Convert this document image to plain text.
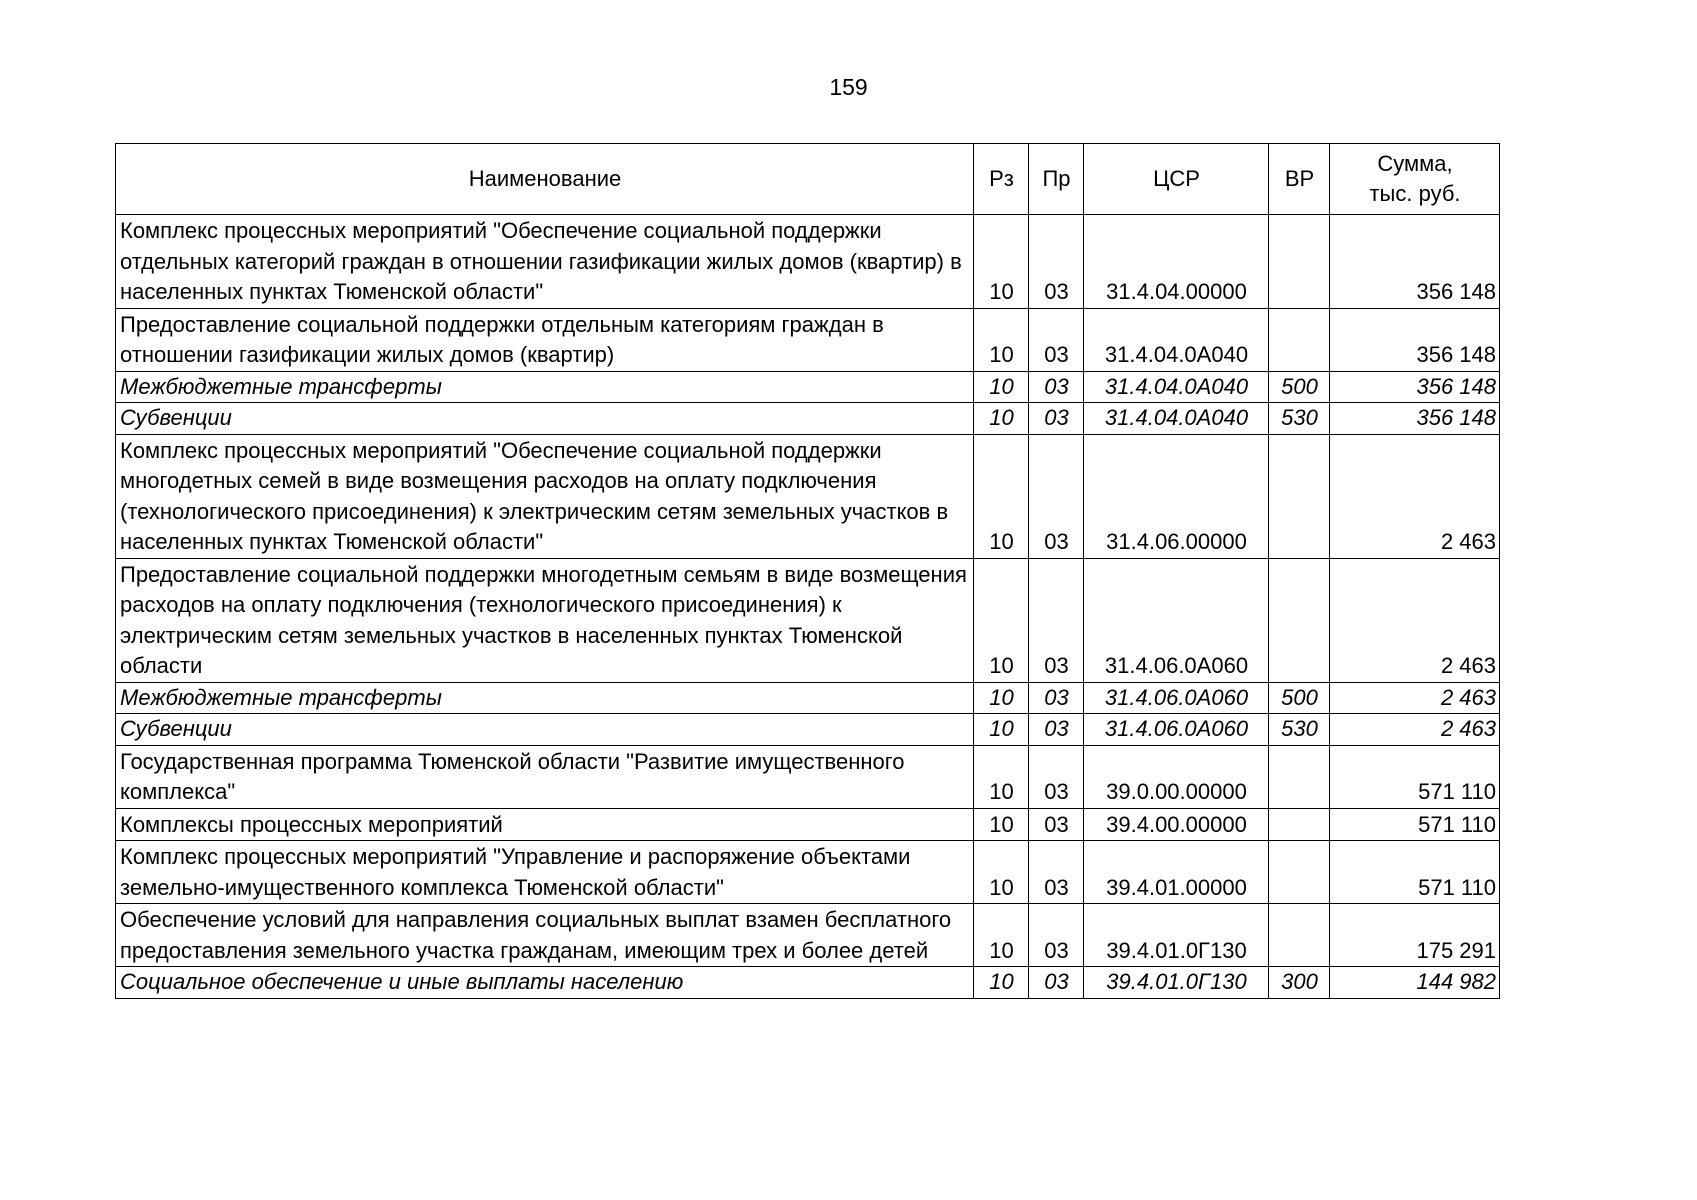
159
Наименование	Рз	Пр	ЦСР	ВР	Сумма,
тыс. руб.
Комплекс процессных мероприятий "Обеспечение социальной поддержки отдельных категорий граждан в отношении газификации жилых домов (квартир) в населенных пунктах Тюменской области"	10	03	31.4.04.00000		356 148
Предоставление социальной поддержки отдельным категориям граждан в отношении газификации жилых домов (квартир)	10	03	31.4.04.0А040		356 148
Межбюджетные трансферты	10	03	31.4.04.0А040	500	356 148
Субвенции	10	03	31.4.04.0А040	530	356 148
Комплекс процессных мероприятий "Обеспечение социальной поддержки многодетных семей в виде возмещения расходов на оплату подключения (технологического присоединения) к электрическим сетям земельных участков в населенных пунктах Тюменской области"	10	03	31.4.06.00000		2 463
Предоставление социальной поддержки многодетным семьям в виде возмещения расходов на оплату подключения (технологического присоединения) к электрическим сетям земельных участков в населенных пунктах Тюменской области	10	03	31.4.06.0А060		2 463
Межбюджетные трансферты	10	03	31.4.06.0А060	500	2 463
Субвенции	10	03	31.4.06.0А060	530	2 463
Государственная программа Тюменской области "Развитие имущественного комплекса"	10	03	39.0.00.00000		571 110
Комплексы процессных мероприятий	10	03	39.4.00.00000		571 110
Комплекс процессных мероприятий "Управление и распоряжение объектами земельно-имущественного комплекса Тюменской области"	10	03	39.4.01.00000		571 110
Обеспечение условий для направления социальных выплат взамен бесплатного предоставления земельного участка гражданам, имеющим трех и более детей	10	03	39.4.01.0Г130		175 291
Социальное обеспечение и иные выплаты населению	10	03	39.4.01.0Г130	300	144 982
